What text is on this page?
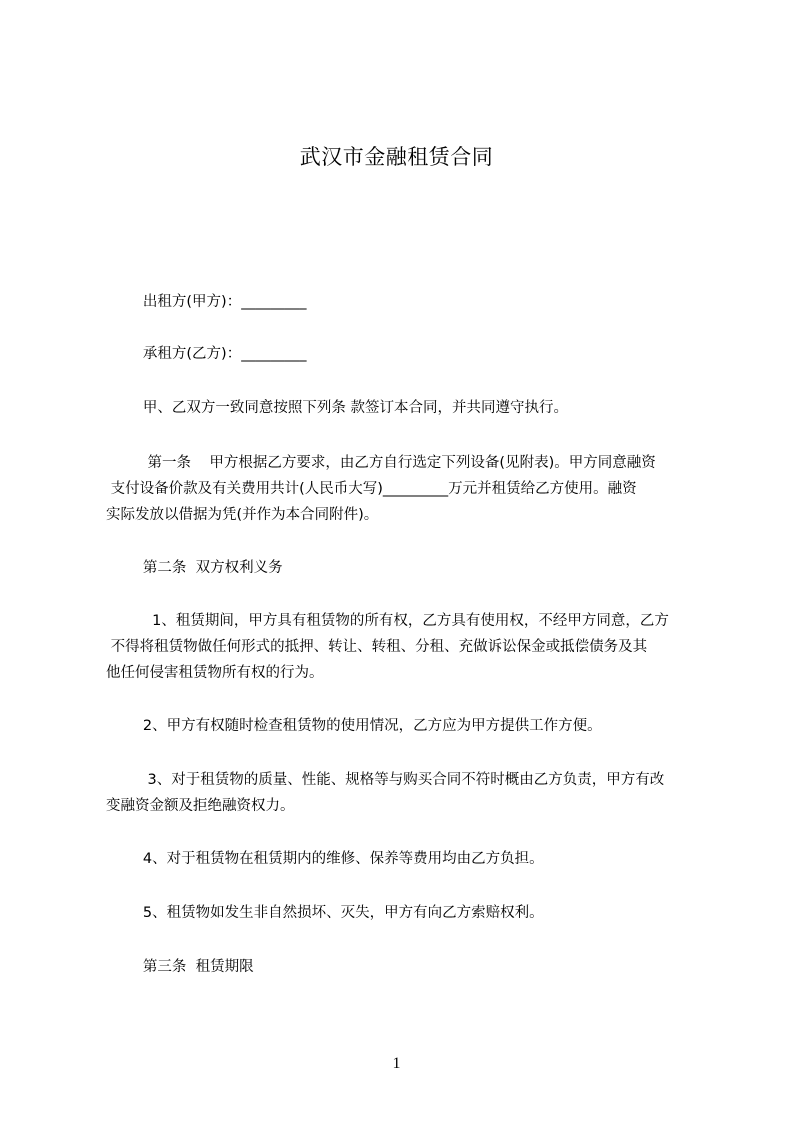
武汉市金融租赁合同

出租方(甲方)：_________

承租方(乙方)：_________

甲、乙双方一致同意按照下列条 款签订本合同，并共同遵守执行。

第一条    甲方根据乙方要求，由乙方自行选定下列设备(见附表)。甲方同意融资
支付设备价款及有关费用共计(人民币大写)_________万元并租赁给乙方使用。融资
实际发放以借据为凭(并作为本合同附件)。

第二条  双方权利义务

1、租赁期间，甲方具有租赁物的所有权，乙方具有使用权，不经甲方同意，乙方
不得将租赁物做任何形式的抵押、转让、转租、分租、充做诉讼保金或抵偿债务及其
他任何侵害租赁物所有权的行为。

2、甲方有权随时检查租赁物的使用情况，乙方应为甲方提供工作方便。

3、对于租赁物的质量、性能、规格等与购买合同不符时概由乙方负责，甲方有改
变融资金额及拒绝融资权力。

4、对于租赁物在租赁期内的维修、保养等费用均由乙方负担。

5、租赁物如发生非自然损坏、灭失，甲方有向乙方索赔权利。

第三条  租赁期限

1
